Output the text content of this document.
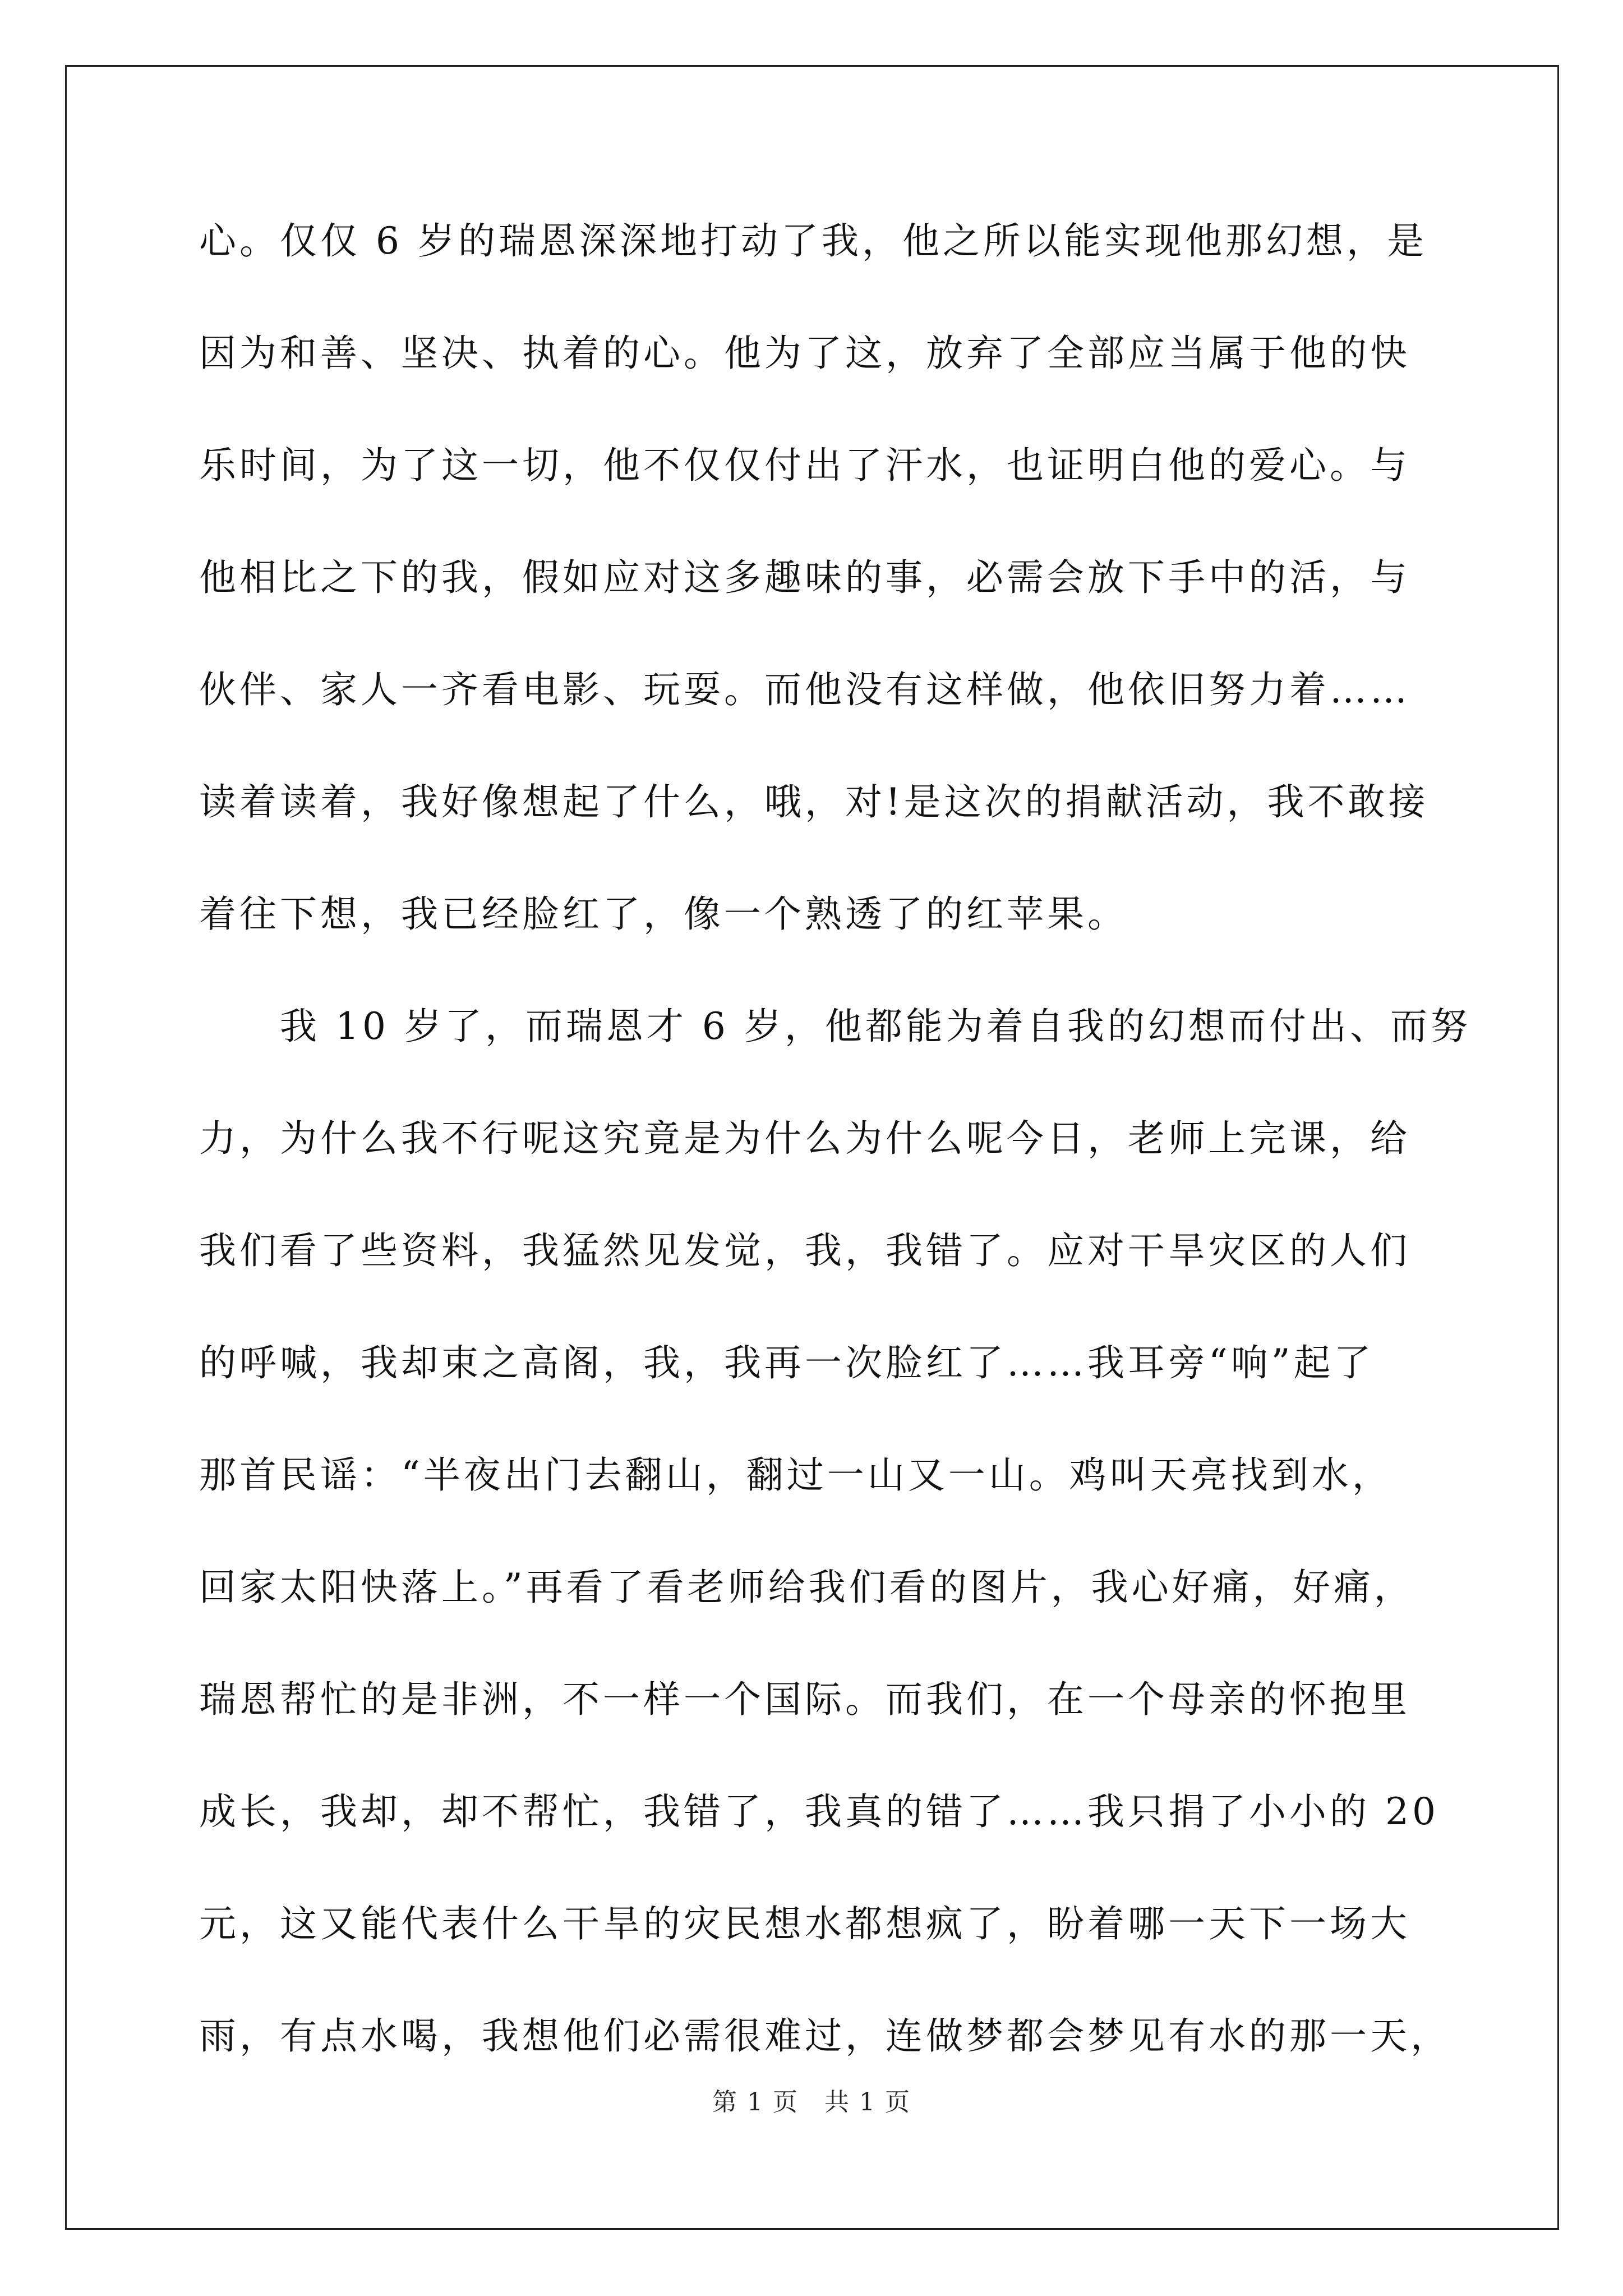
心。仅仅 6 岁的瑞恩深深地打动了我，他之所以能实现他那幻想，是
因为和善、坚决、执着的心。他为了这，放弃了全部应当属于他的快
乐时间，为了这一切，他不仅仅付出了汗水，也证明白他的爱心。与
他相比之下的我，假如应对这多趣味的事，必需会放下手中的活，与
伙伴、家人一齐看电影、玩耍。而他没有这样做，他依旧努力着……
读着读着，我好像想起了什么，哦，对!是这次的捐献活动，我不敢接
着往下想，我已经脸红了，像一个熟透了的红苹果。
　　我 10 岁了，而瑞恩才 6 岁，他都能为着自我的幻想而付出、而努
力，为什么我不行呢这究竟是为什么为什么呢今日，老师上完课，给
我们看了些资料，我猛然见发觉，我，我错了。应对干旱灾区的人们
的呼喊，我却束之高阁，我，我再一次脸红了……我耳旁“响”起了
那首民谣：“半夜出门去翻山，翻过一山又一山。鸡叫天亮找到水，
回家太阳快落上。”再看了看老师给我们看的图片，我心好痛，好痛，
瑞恩帮忙的是非洲，不一样一个国际。而我们，在一个母亲的怀抱里
成长，我却，却不帮忙，我错了，我真的错了……我只捐了小小的 20
元，这又能代表什么干旱的灾民想水都想疯了，盼着哪一天下一场大
雨，有点水喝，我想他们必需很难过，连做梦都会梦见有水的那一天，
第 1 页　共 1 页
